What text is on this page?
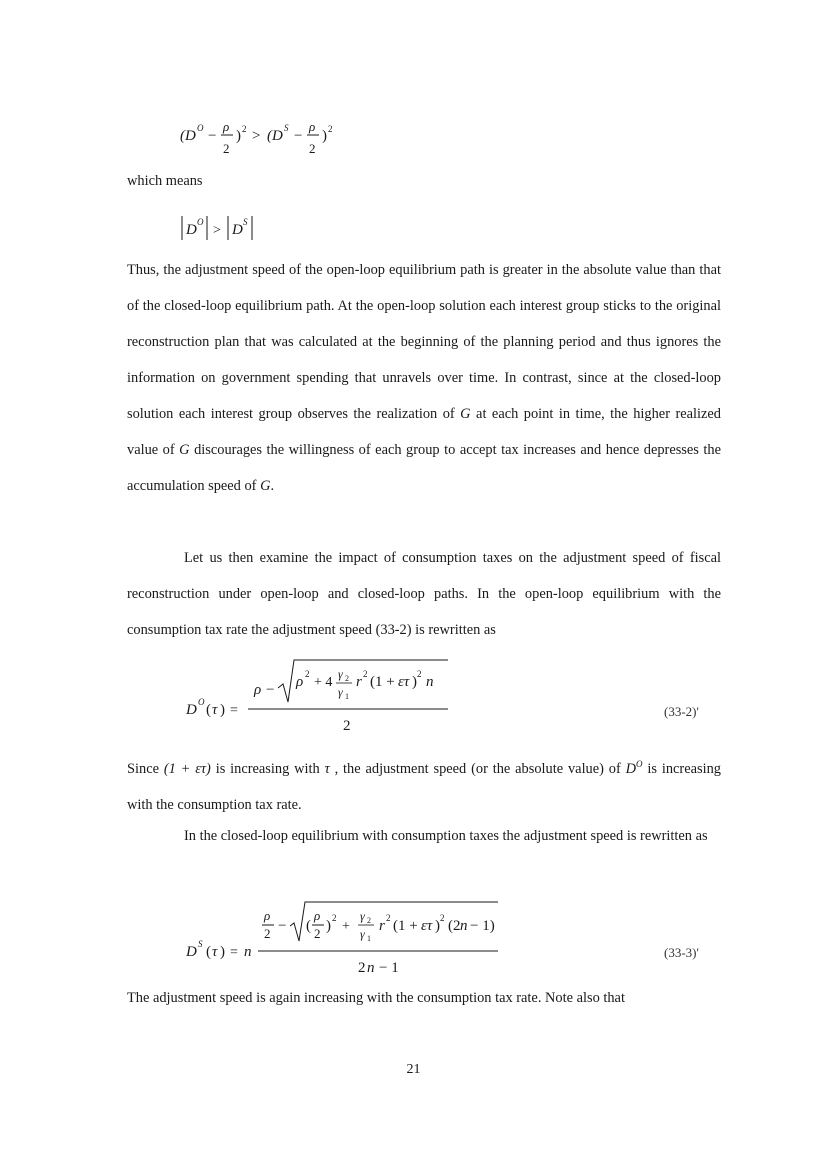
(D O −
ρ
2
) 2 > (D S −
ρ
2
) 2
which means
D O
> D S
Thus, the adjustment speed of the open-loop equilibrium path is greater in the absolute value than that of the closed-loop equilibrium path. At the open-loop solution each interest group sticks to the original reconstruction plan that was calculated at the beginning of the planning period and thus ignores the information on government spending that unravels over time. In contrast, since at the closed-loop solution each interest group observes the realization of G at each point in time, the higher realized value of G discourages the willingness of each group to accept tax increases and hence depresses the accumulation speed of G.
Let us then examine the impact of consumption taxes on the adjustment speed of fiscal reconstruction under open-loop and closed-loop paths. In the open-loop equilibrium with the consumption tax rate the adjustment speed (33-2) is rewritten as
D O ( τ ) =
ρ − ρ 2
+ 4
γ 2
γ 1
r 2 (1 + ετ ) 2 n
2
(33-2)'
Since (1 + ετ) is increasing with τ , the adjustment speed (or the absolute value) of $D^O$ is increasing with the consumption tax rate.
In the closed-loop equilibrium with consumption taxes the adjustment speed is rewritten as
D S ( τ ) = n
ρ
2 − (
ρ
2 ) 2
+
γ 2
γ 1
r 2 (1 + ετ ) 2 (2 n − 1)
2 n − 1
(33-3)'
The adjustment speed is again increasing with the consumption tax rate. Note also that
21
